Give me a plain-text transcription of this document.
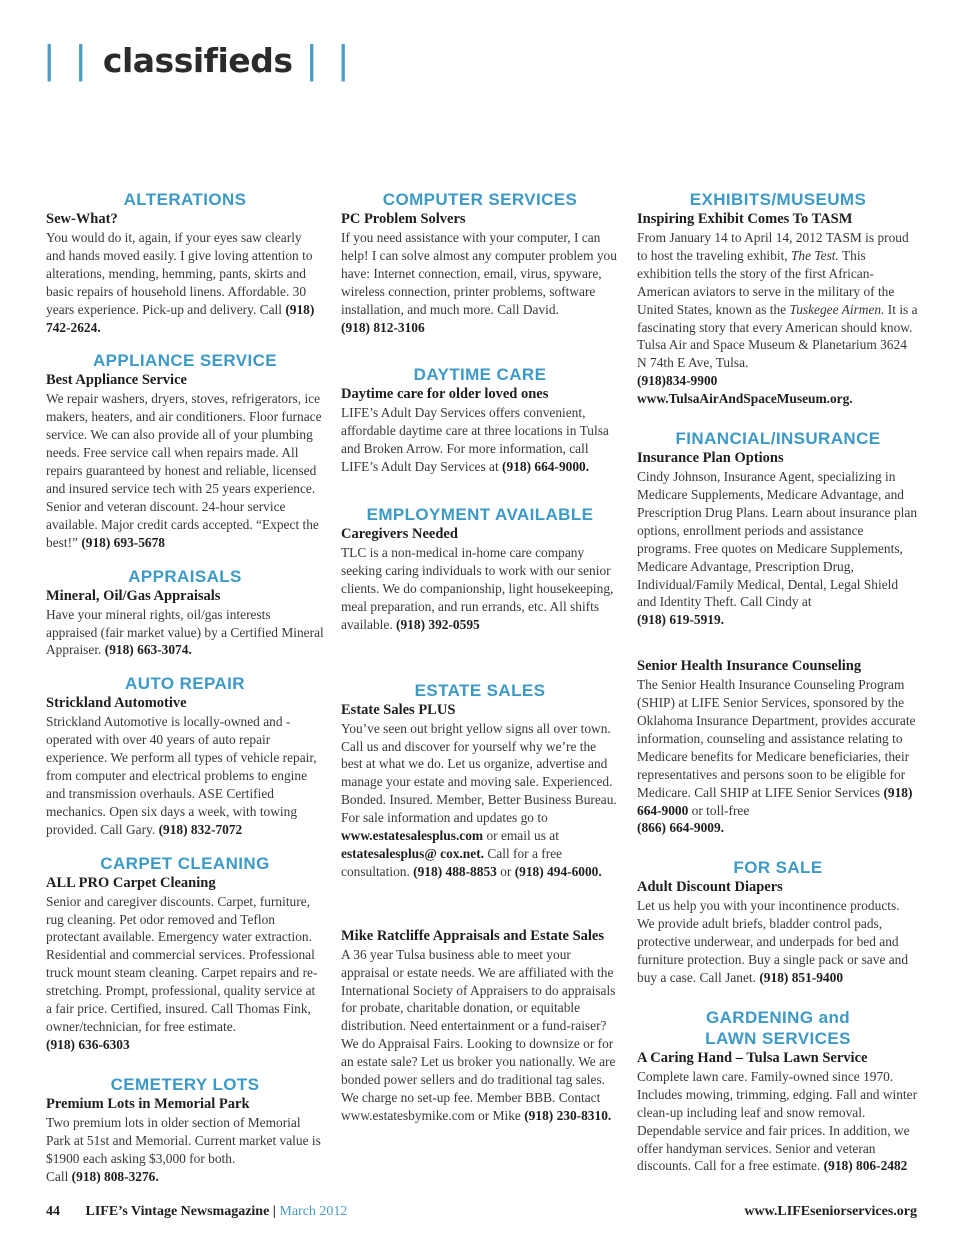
| | classifieds | |

ALTERATIONS

Sew-What?

You would do it, again, if your eyes saw clearly and hands moved easily. I give loving attention to alterations, mending, hemming, pants, skirts and basic repairs of household linens. Affordable. 30 years experience. Pick-up and delivery. Call (918) 742-2624.

APPLIANCE SERVICE

Best Appliance Service

We repair washers, dryers, stoves, refrigerators, ice makers, heaters, and air conditioners. Floor furnace service. We can also provide all of your plumbing needs. Free service call when repairs made. All repairs guaranteed by honest and reliable, licensed and insured service tech with 25 years experience. Senior and veteran discount. 24-hour service available. Major credit cards accepted. “Expect the best!” (918) 693-5678

APPRAISALS

Mineral, Oil/Gas Appraisals

Have your mineral rights, oil/gas interests appraised (fair market value) by a Certified Mineral Appraiser. (918) 663-3074.

AUTO REPAIR

Strickland Automotive

Strickland Automotive is locally-owned and - operated with over 40 years of auto repair experience. We perform all types of vehicle repair, from computer and electrical problems to engine and transmission overhauls. ASE Certified mechanics. Open six days a week, with towing provided. Call Gary. (918) 832-7072

CARPET CLEANING

ALL PRO Carpet Cleaning

Senior and caregiver discounts. Carpet, furniture, rug cleaning. Pet odor removed and Teflon protectant available. Emergency water extraction. Residential and commercial services. Professional truck mount steam cleaning. Carpet repairs and re-stretching. Prompt, professional, quality service at a fair price. Certified, insured. Call Thomas Fink, owner/technician, for free estimate.
(918) 636-6303

CEMETERY LOTS

Premium Lots in Memorial Park

Two premium lots in older section of Memorial Park at 51st and Memorial. Current market value is $1900 each asking $3,000 for both.
Call (918) 808-3276.

COMPUTER SERVICES

PC Problem Solvers

If you need assistance with your computer, I can help! I can solve almost any computer problem you have: Internet connection, email, virus, spyware, wireless connection, printer problems, software installation, and much more. Call David.
(918) 812-3106

DAYTIME CARE

Daytime care for older loved ones

LIFE’s Adult Day Services offers convenient, affordable daytime care at three locations in Tulsa and Broken Arrow. For more information, call LIFE’s Adult Day Services at (918) 664-9000.

EMPLOYMENT AVAILABLE

Caregivers Needed

TLC is a non-medical in-home care company seeking caring individuals to work with our senior clients. We do companionship, light housekeeping, meal preparation, and run errands, etc. All shifts available. (918) 392-0595

ESTATE SALES

Estate Sales PLUS

You’ve seen out bright yellow signs all over town. Call us and discover for yourself why we’re the best at what we do. Let us organize, advertise and manage your estate and moving sale. Experienced. Bonded. Insured. Member, Better Business Bureau. For sale information and updates go to www.estatesalesplus.com or email us at estatesalesplus@ cox.net. Call for a free consultation. (918) 488-8853 or (918) 494-6000.

Mike Ratcliffe Appraisals and Estate Sales

A 36 year Tulsa business able to meet your appraisal or estate needs. We are affiliated with the International Society of Appraisers to do appraisals for probate, charitable donation, or equitable distribution. Need entertainment or a fund-raiser? We do Appraisal Fairs. Looking to downsize or for an estate sale? Let us broker you nationally. We are bonded power sellers and do traditional tag sales. We charge no set-up fee. Member BBB. Contact www.estatesbymike.com or Mike (918) 230-8310.

EXHIBITS/MUSEUMS

Inspiring Exhibit Comes To TASM

From January 14 to April 14, 2012 TASM is proud to host the traveling exhibit, The Test. This exhibition tells the story of the first African-American aviators to serve in the military of the United States, known as the Tuskegee Airmen. It is a fascinating story that every American should know. Tulsa Air and Space Museum & Planetarium 3624 N 74th E Ave, Tulsa.
(918)834-9900
www.TulsaAirAndSpaceMuseum.org.

FINANCIAL/INSURANCE

Insurance Plan Options

Cindy Johnson, Insurance Agent, specializing in Medicare Supplements, Medicare Advantage, and Prescription Drug Plans. Learn about insurance plan options, enrollment periods and assistance programs. Free quotes on Medicare Supplements, Medicare Advantage, Prescription Drug, Individual/Family Medical, Dental, Legal Shield and Identity Theft. Call Cindy at
(918) 619-5919.

Senior Health Insurance Counseling

The Senior Health Insurance Counseling Program (SHIP) at LIFE Senior Services, sponsored by the Oklahoma Insurance Department, provides accurate information, counseling and assistance relating to Medicare benefits for Medicare beneficiaries, their representatives and persons soon to be eligible for Medicare. Call SHIP at LIFE Senior Services (918) 664-9000 or toll-free
(866) 664-9009.

FOR SALE

Adult Discount Diapers

Let us help you with your incontinence products. We provide adult briefs, bladder control pads, protective underwear, and underpads for bed and furniture protection. Buy a single pack or save and buy a case. Call Janet. (918) 851-9400

GARDENING and

LAWN SERVICES

A Caring Hand – Tulsa Lawn Service

Complete lawn care. Family-owned since 1970. Includes mowing, trimming, edging. Fall and winter clean-up including leaf and snow removal. Dependable service and fair prices. In addition, we offer handyman services. Senior and veteran discounts. Call for a free estimate. (918) 806-2482

44 LIFE’s Vintage Newsmagazine | March 2012	www.LIFEseniorservices.org
